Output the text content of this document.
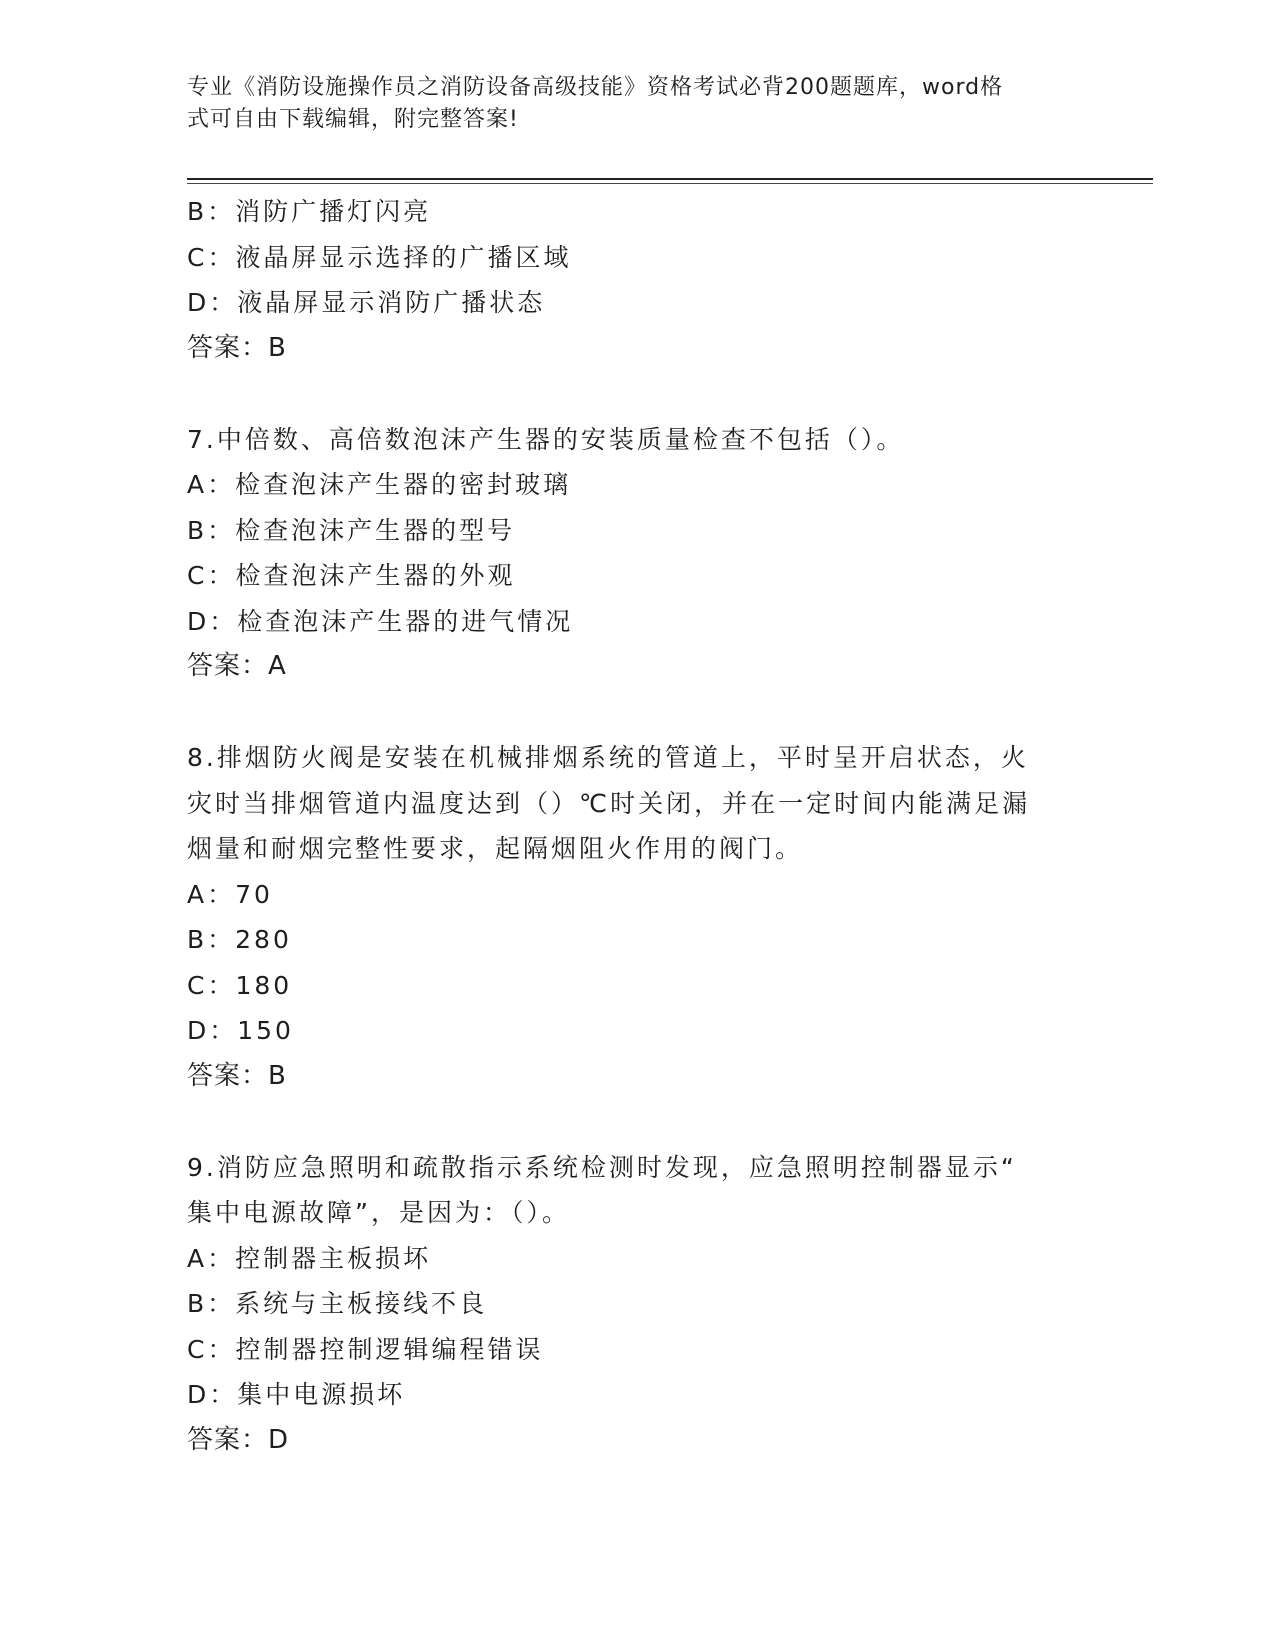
专业《消防设施操作员之消防设备高级技能》资格考试必背200题题库，word格
式可自由下载编辑，附完整答案!
B：消防广播灯闪亮
C：液晶屏显示选择的广播区域
D：液晶屏显示消防广播状态
答案：B
7.中倍数、高倍数泡沫产生器的安装质量检查不包括（）。
A：检查泡沫产生器的密封玻璃
B：检查泡沫产生器的型号
C：检查泡沫产生器的外观
D：检查泡沫产生器的进气情况
答案：A
8.排烟防火阀是安装在机械排烟系统的管道上，平时呈开启状态，火
灾时当排烟管道内温度达到（）℃时关闭，并在一定时间内能满足漏
烟量和耐烟完整性要求，起隔烟阻火作用的阀门。
A：70
B：280
C：180
D：150
答案：B
9.消防应急照明和疏散指示系统检测时发现，应急照明控制器显示“
集中电源故障”，是因为：（）。
A：控制器主板损坏
B：系统与主板接线不良
C：控制器控制逻辑编程错误
D：集中电源损坏
答案：D
